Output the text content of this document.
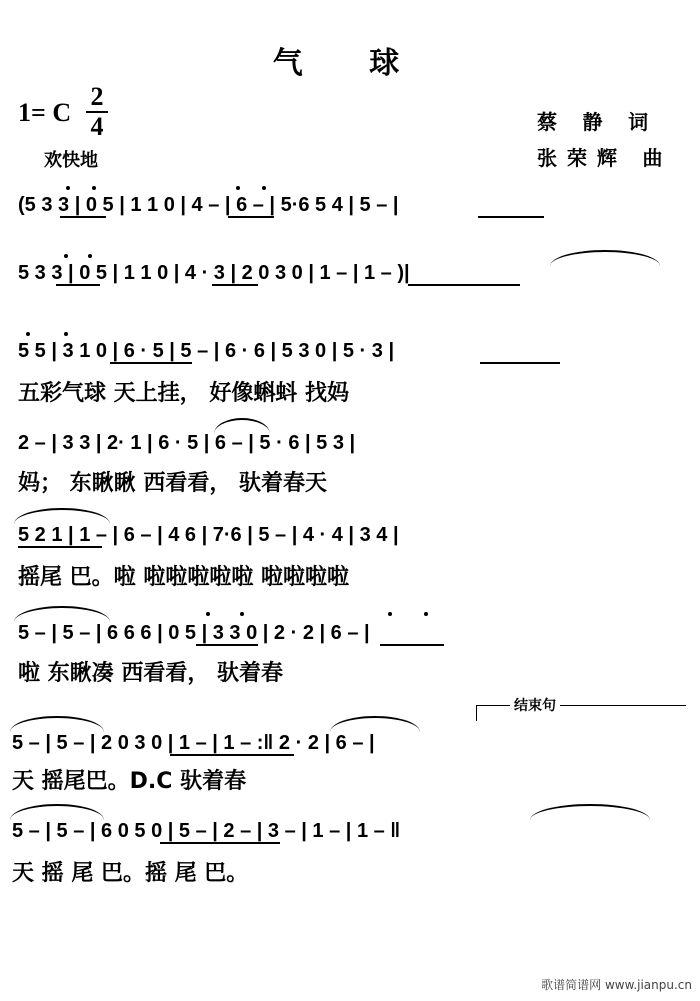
气 球
1= C
2
4
欢快地
蔡 静 词
张荣辉 曲
(5 3 3 | 0 5 | 1 1 0 | 4 – | 6 – | 5·6 5 4 | 5 – |
5 3 3 | 0 5 | 1 1 0 | 4 · 3 | 2 0 3 0 | 1 – | 1 – )|
5 5 | 3 1 0 | 6 · 5 | 5 – | 6 · 6 | 5 3 0 | 5 · 3 |
五彩气球 天上挂， 好像蝌蚪 找妈
2 – | 3 3 | 2· 1 | 6 · 5 | 6 – | 5 · 6 | 5 3 |
妈； 东瞅瞅 西看看， 驮着春天
5 2 1 | 1 – | 6 – | 4 6 | 7·6 | 5 – | 4 · 4 | 3 4 |
摇尾 巴。啦 啦啦啦啦啦 啦啦啦啦
5 – | 5 – | 6 6 6 | 0 5 | 3 3 0 | 2 · 2 | 6 – |
啦 东瞅凑 西看看， 驮着春
5 – | 5 – | 2 0 3 0 | 1 – | 1 – :‖ 2 · 2 | 6 – |
天 摇尾巴。D.C 驮着春
5 – | 5 – | 6 0 5 0 | 5 – | 2 – | 3 – | 1 – | 1 – ‖
天 摇 尾 巴。摇 尾 巴。
结束句
歌谱简谱网 www.jianpu.cn
